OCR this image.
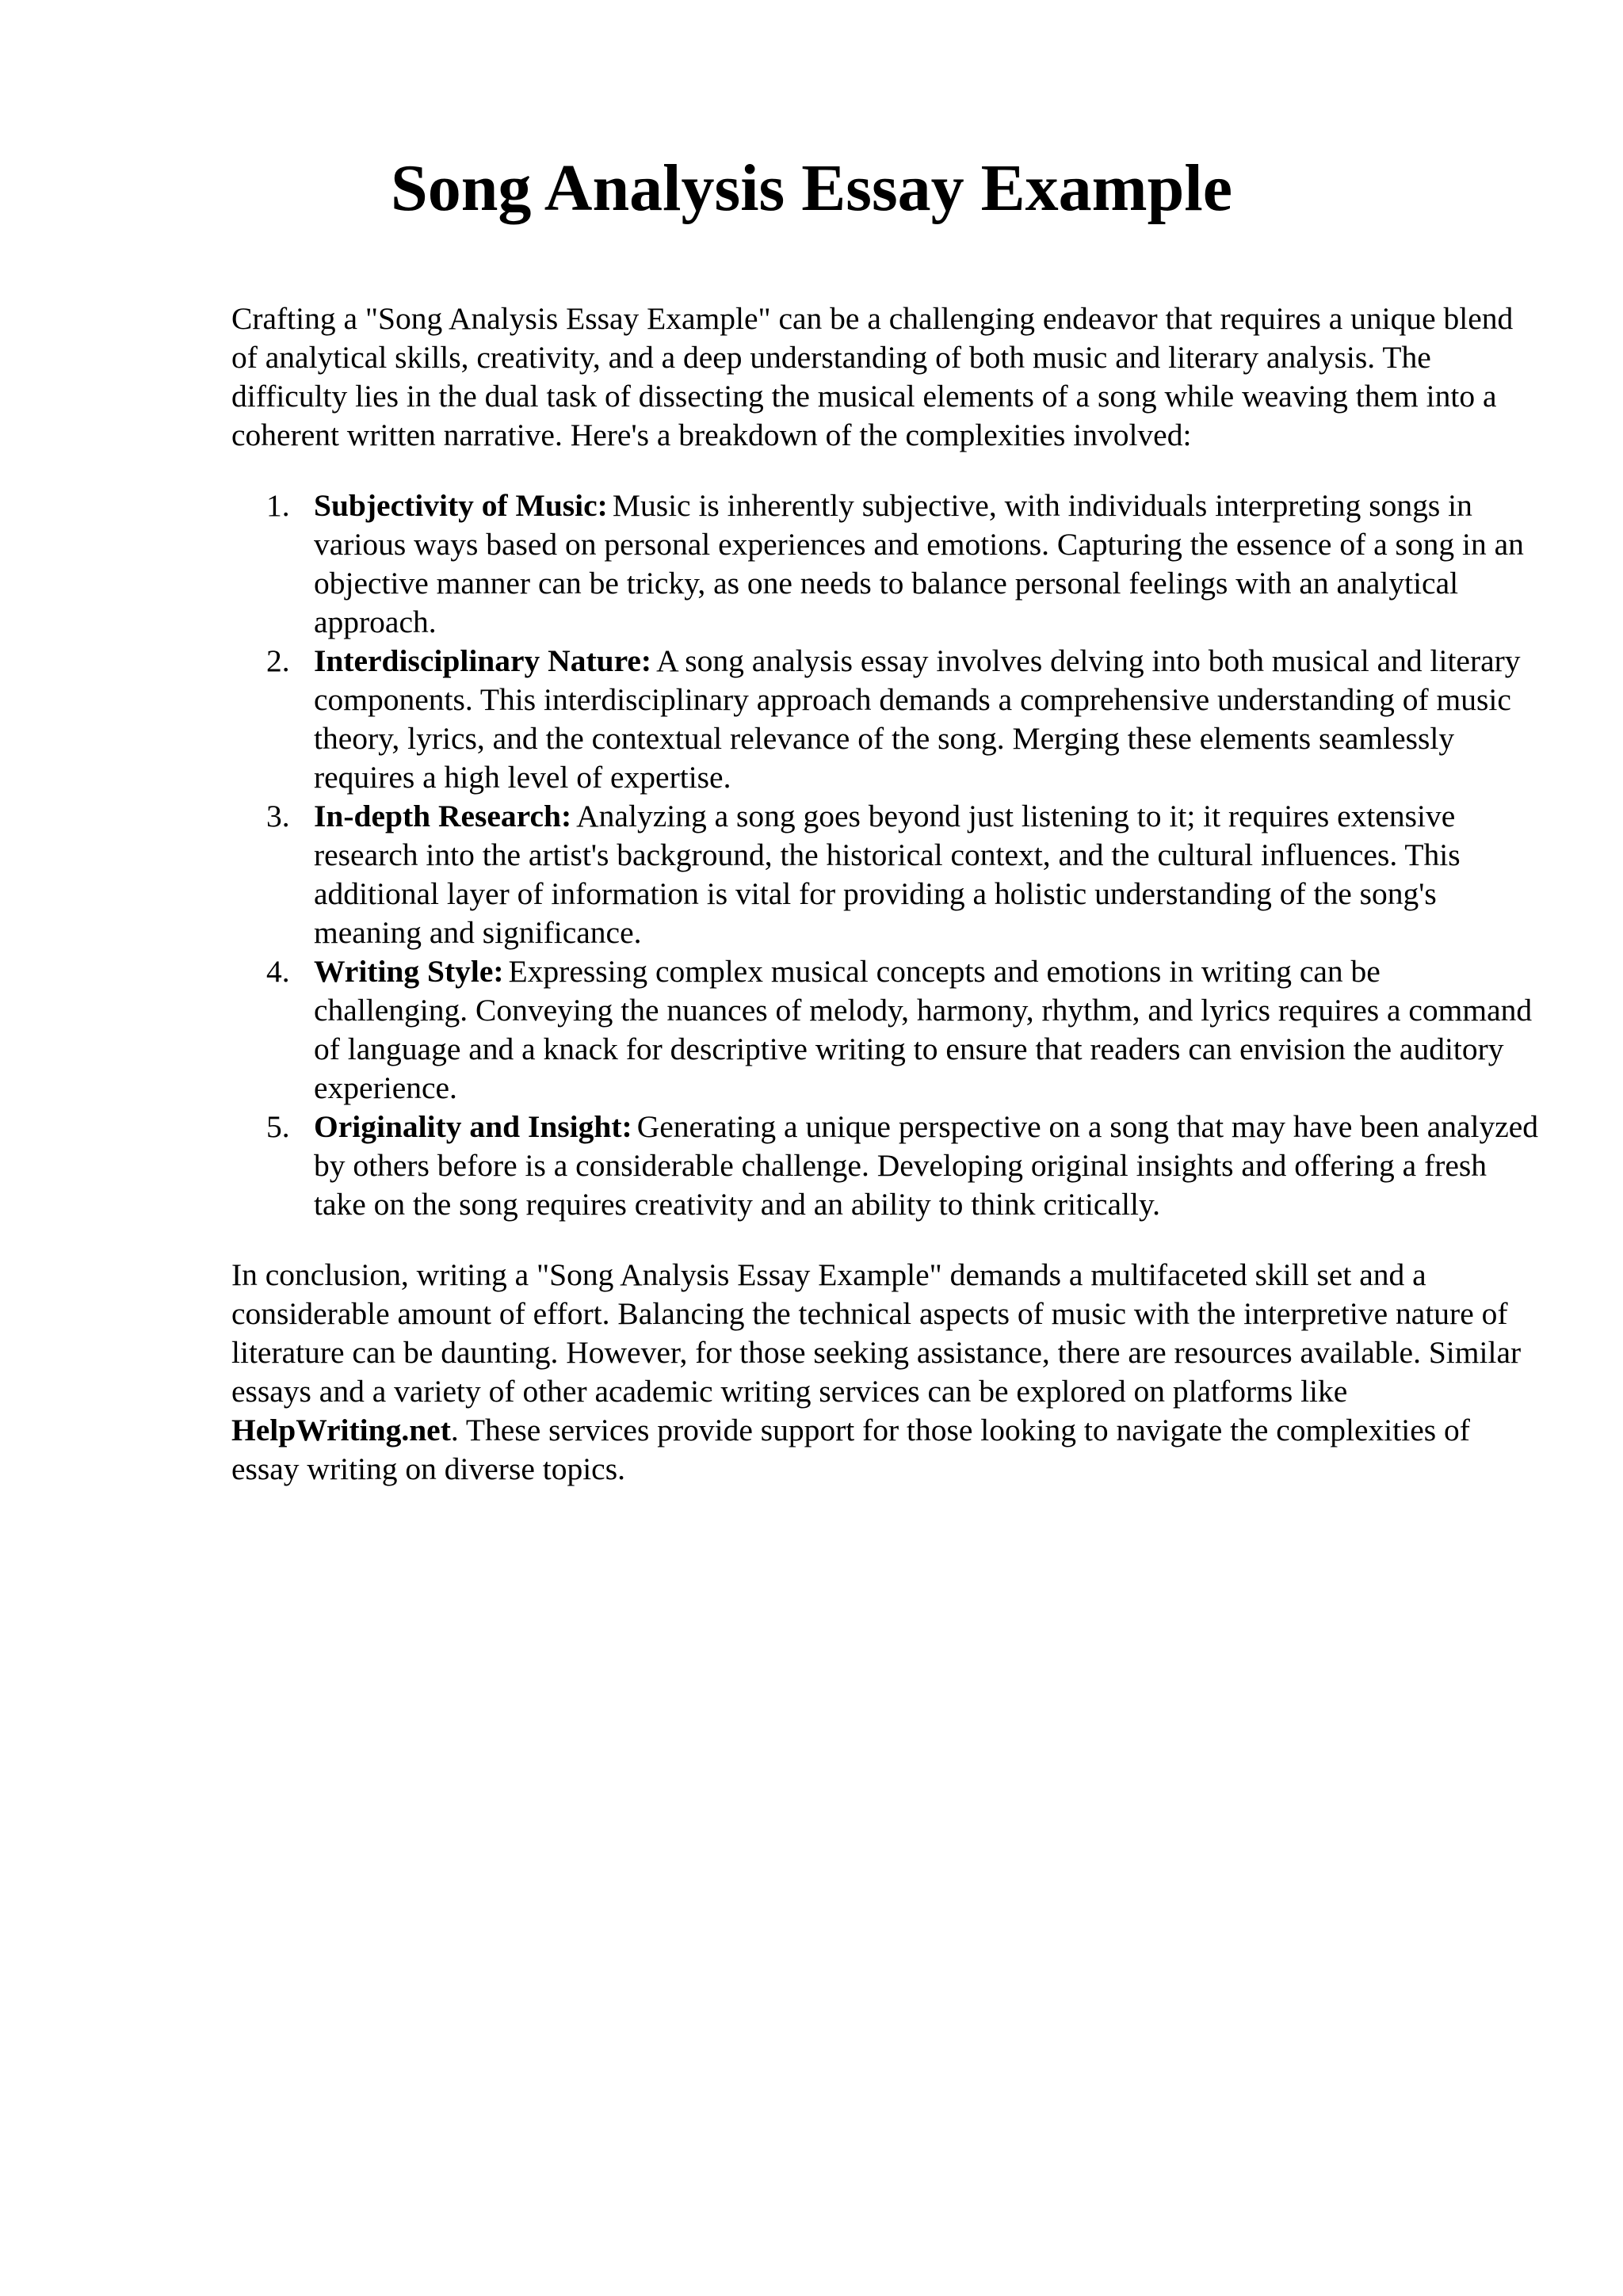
Song Analysis Essay Example

Crafting a "Song Analysis Essay Example" can be a challenging endeavor that requires a unique blend of analytical skills, creativity, and a deep understanding of both music and literary analysis. The difficulty lies in the dual task of dissecting the musical elements of a song while weaving them into a coherent written narrative. Here's a breakdown of the complexities involved:

1. Subjectivity of Music: Music is inherently subjective, with individuals interpreting songs in various ways based on personal experiences and emotions. Capturing the essence of a song in an objective manner can be tricky, as one needs to balance personal feelings with an analytical approach.
2. Interdisciplinary Nature: A song analysis essay involves delving into both musical and literary components. This interdisciplinary approach demands a comprehensive understanding of music theory, lyrics, and the contextual relevance of the song. Merging these elements seamlessly requires a high level of expertise.
3. In-depth Research: Analyzing a song goes beyond just listening to it; it requires extensive research into the artist's background, the historical context, and the cultural influences. This additional layer of information is vital for providing a holistic understanding of the song's meaning and significance.
4. Writing Style: Expressing complex musical concepts and emotions in writing can be challenging. Conveying the nuances of melody, harmony, rhythm, and lyrics requires a command of language and a knack for descriptive writing to ensure that readers can envision the auditory experience.
5. Originality and Insight: Generating a unique perspective on a song that may have been analyzed by others before is a considerable challenge. Developing original insights and offering a fresh take on the song requires creativity and an ability to think critically.

In conclusion, writing a "Song Analysis Essay Example" demands a multifaceted skill set and a considerable amount of effort. Balancing the technical aspects of music with the interpretive nature of literature can be daunting. However, for those seeking assistance, there are resources available. Similar essays and a variety of other academic writing services can be explored on platforms like HelpWriting.net. These services provide support for those looking to navigate the complexities of essay writing on diverse topics.
